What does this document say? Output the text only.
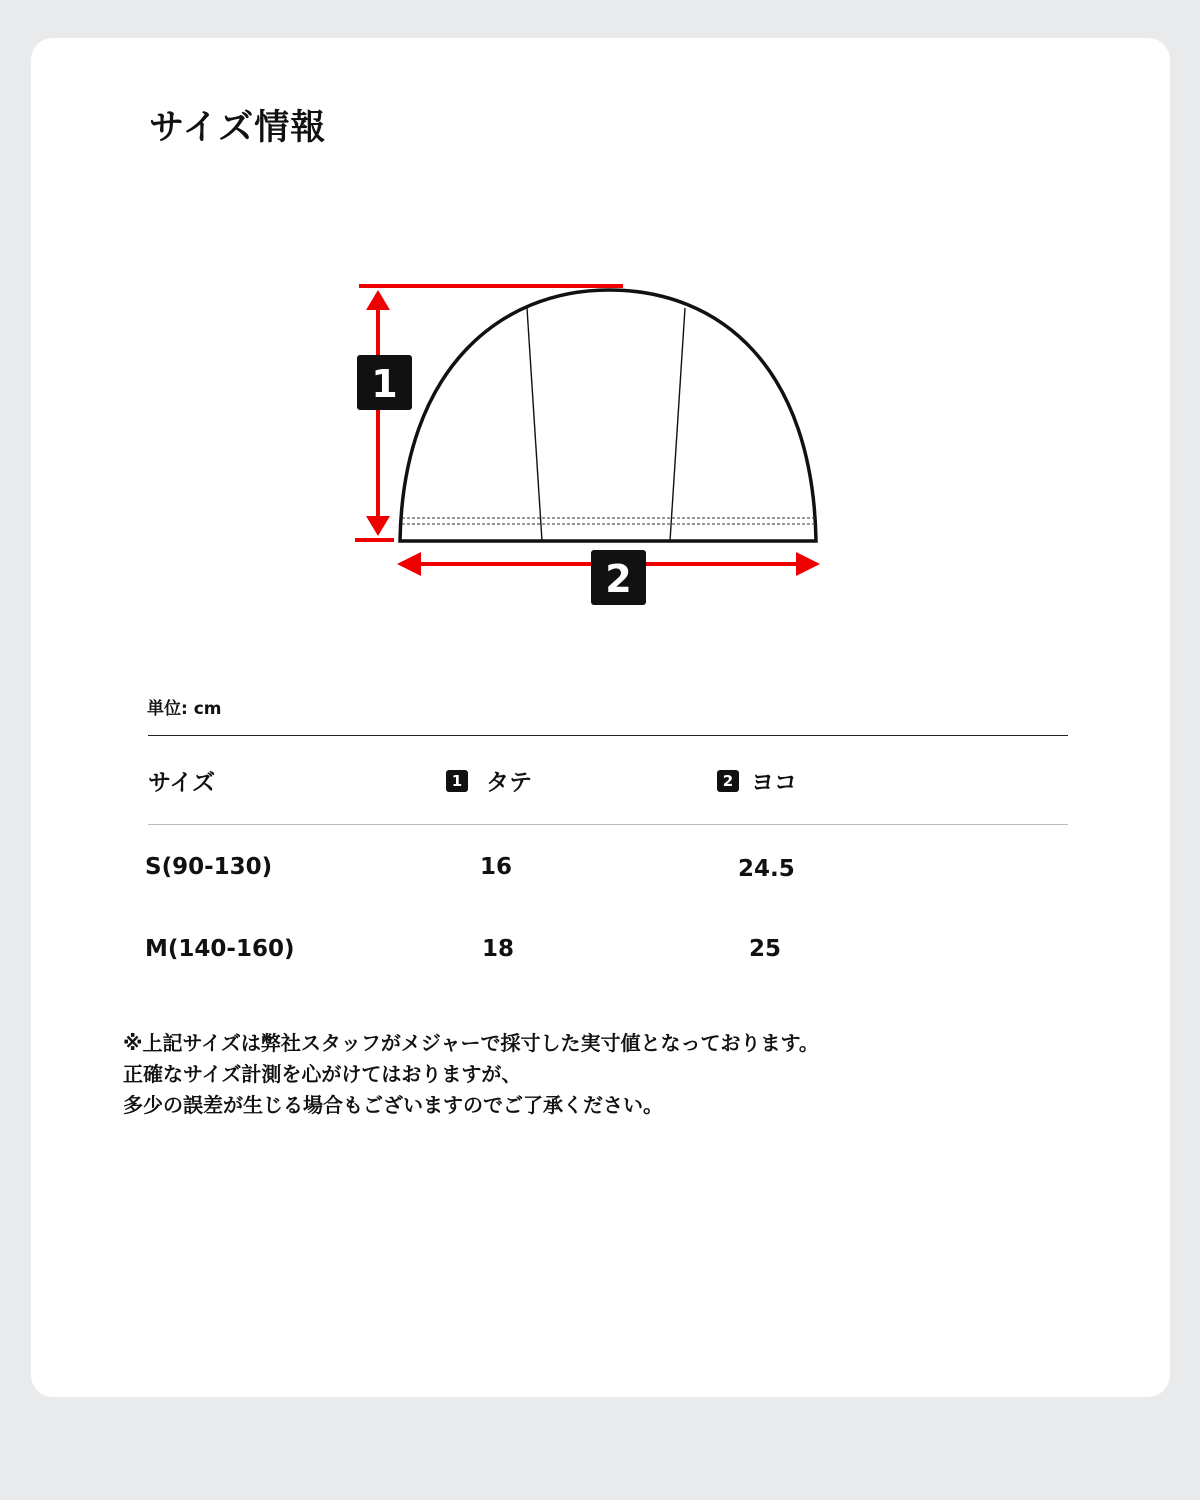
サイズ情報
1
2
単位: cm
サイズ	1 タテ	2 ヨコ
S(90-130)	16	24.5
M(140-160)	18	25
※上記サイズは弊社スタッフがメジャーで採寸した実寸値となっております。
正確なサイズ計測を心がけてはおりますが、
多少の誤差が生じる場合もございますのでご了承ください。
